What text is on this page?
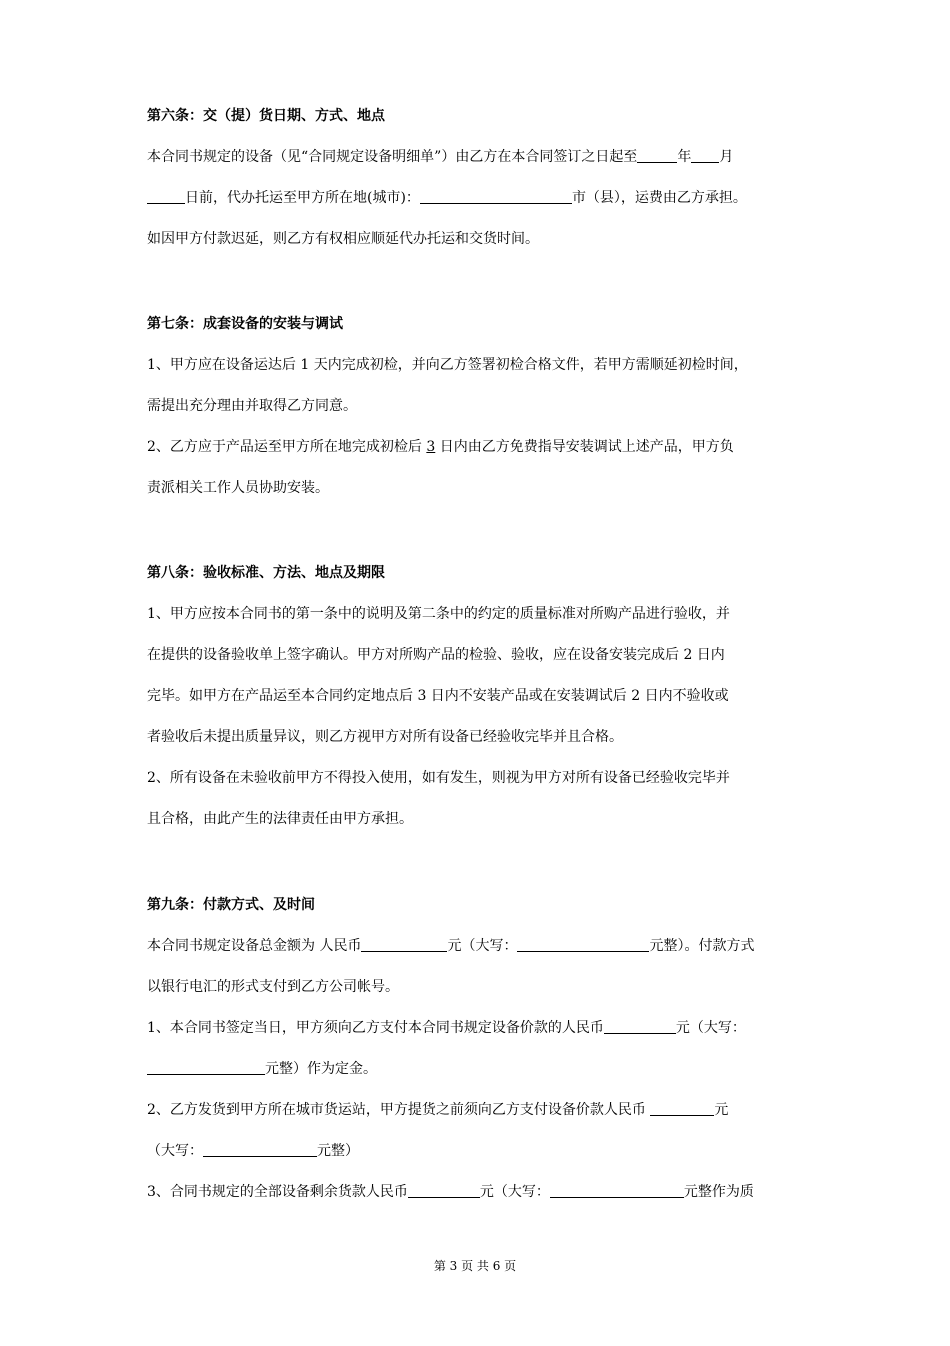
第六条：交（提）货日期、方式、地点
本合同书规定的设备（见“合同规定设备明细单”）由乙方在本合同签订之日起至	年 月
日前，代办托运至甲方所在地(城市)：	市（县），运费由乙方承担。
如因甲方付款迟延，则乙方有权相应顺延代办托运和交货时间。
第七条：成套设备的安装与调试
1、甲方应在设备运达后 1 天内完成初检，并向乙方签署初检合格文件，若甲方需顺延初检时间，
需提出充分理由并取得乙方同意。
2、乙方应于产品运至甲方所在地完成初检后 3 日内由乙方免费指导安装调试上述产品，甲方负
责派相关工作人员协助安装。
第八条：验收标准、方法、地点及期限
1、甲方应按本合同书的第一条中的说明及第二条中的约定的质量标准对所购产品进行验收，并
在提供的设备验收单上签字确认。甲方对所购产品的检验、验收，应在设备安装完成后 2 日内
完毕。如甲方在产品运至本合同约定地点后 3 日内不安装产品或在安装调试后 2 日内不验收或
者验收后未提出质量异议，则乙方视甲方对所有设备已经验收完毕并且合格。
2、所有设备在未验收前甲方不得投入使用，如有发生，则视为甲方对所有设备已经验收完毕并
且合格，由此产生的法律责任由甲方承担。
第九条：付款方式、及时间
本合同书规定设备总金额为 人民币	元（大写：	元整）。付款方式
以银行电汇的形式支付到乙方公司帐号。
1、本合同书签定当日，甲方须向乙方支付本合同书规定设备价款的人民币	元（大写：
元整）作为定金。
2、乙方发货到甲方所在城市货运站，甲方提货之前须向乙方支付设备价款人民币	元
（大写：	元整）
3、合同书规定的全部设备剩余货款人民币	元（大写：	元整作为质
第 3 页 共 6 页
